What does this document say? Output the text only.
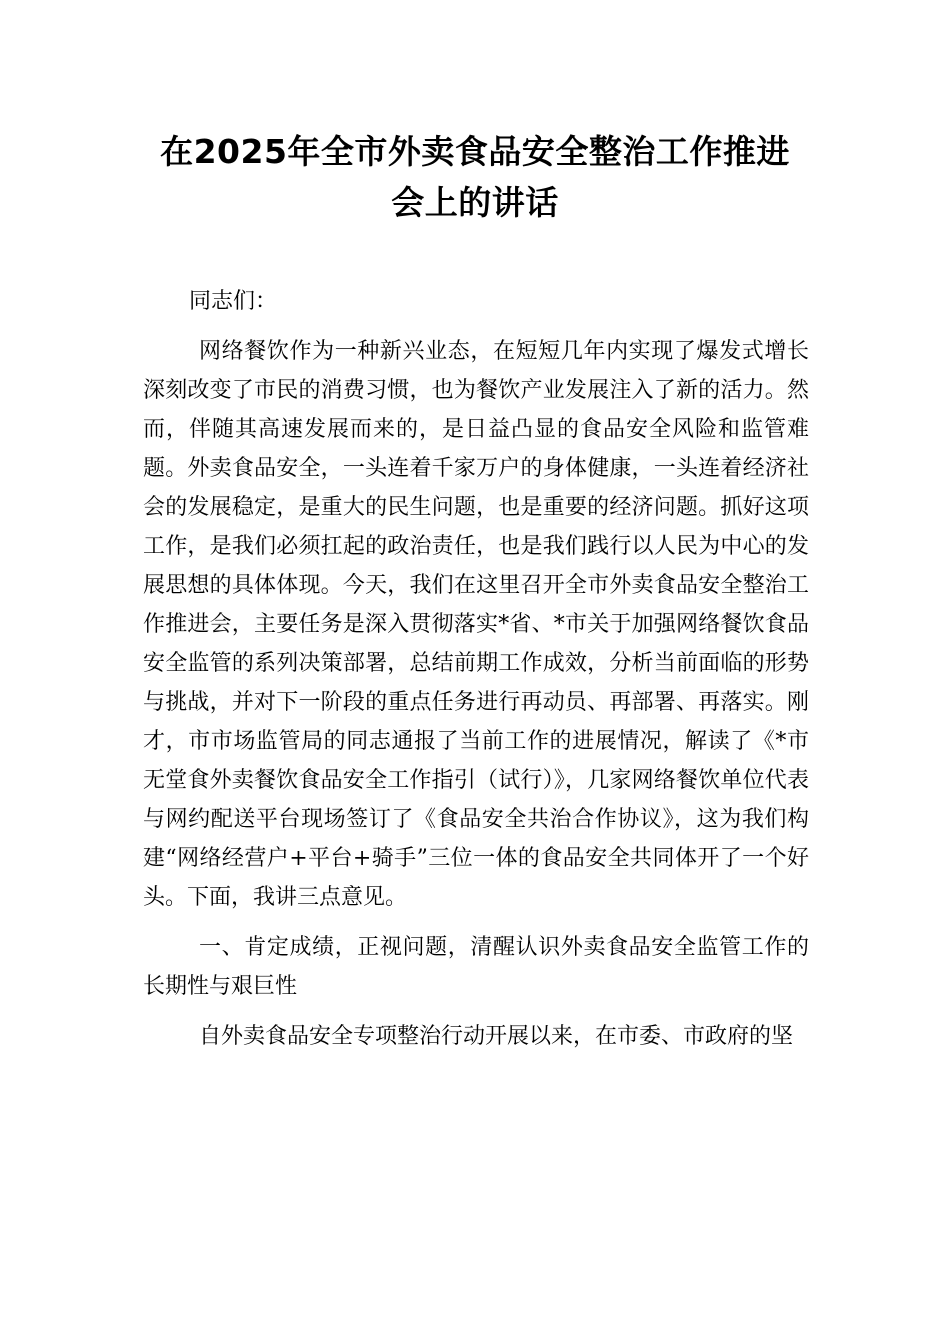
在2025年全市外卖食品安全整治工作推进
会上的讲话

同志们：

网络餐饮作为一种新兴业态，在短短几年内实现了爆发式增长深刻改变了市民的消费习惯，也为餐饮产业发展注入了新的活力。然而，伴随其高速发展而来的，是日益凸显的食品安全风险和监管难题。外卖食品安全，一头连着千家万户的身体健康，一头连着经济社会的发展稳定，是重大的民生问题，也是重要的经济问题。抓好这项工作，是我们必须扛起的政治责任，也是我们践行以人民为中心的发展思想的具体体现。今天，我们在这里召开全市外卖食品安全整治工作推进会，主要任务是深入贯彻落实*省、*市关于加强网络餐饮食品安全监管的系列决策部署，总结前期工作成效，分析当前面临的形势与挑战，并对下一阶段的重点任务进行再动员、再部署、再落实。刚才，市市场监管局的同志通报了当前工作的进展情况，解读了《*市无堂食外卖餐饮食品安全工作指引（试行）》，几家网络餐饮单位代表与网约配送平台现场签订了《食品安全共治合作协议》，这为我们构建“网络经营户+平台+骑手”三位一体的食品安全共同体开了一个好头。下面，我讲三点意见。

一、肯定成绩，正视问题，清醒认识外卖食品安全监管工作的长期性与艰巨性

自外卖食品安全专项整治行动开展以来，在市委、市政府的坚
